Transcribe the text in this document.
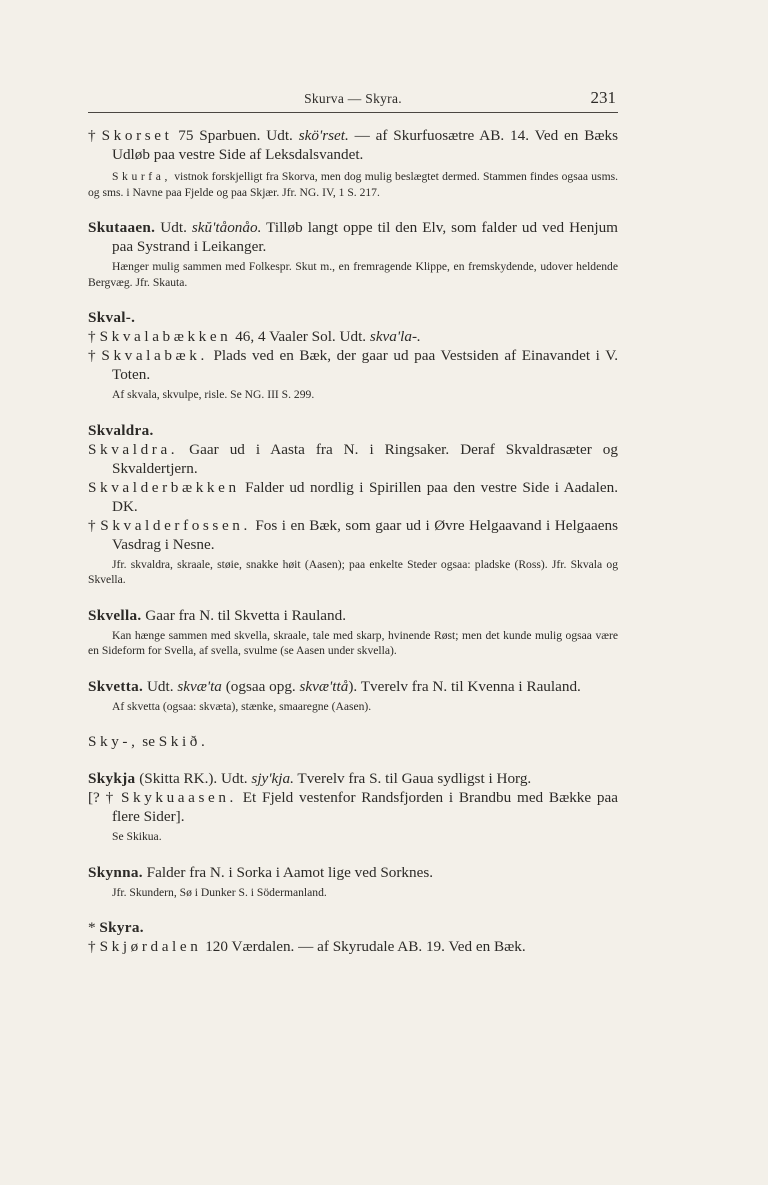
Skurva — Skyra.	231

† Skorset 75 Sparbuen. Udt. skö'rset. — af Skurfuosætre AB. 14. Ved en Bæks Udløb paa vestre Side af Leksdalsvandet.

Skurfa, vistnok forskjelligt fra Skorva, men dog mulig beslægtet dermed. Stammen findes ogsaa usms. og sms. i Navne paa Fjelde og paa Skjær. Jfr. NG. IV, 1 S. 217.

Skutaaen. Udt. skŭ'tåonåo. Tilløb langt oppe til den Elv, som falder ud ved Henjum paa Systrand i Leikanger.

Hænger mulig sammen med Folkespr. Skut m., en fremragende Klippe, en fremskydende, udover heldende Bergvæg. Jfr. Skauta.

Skval-.

† Skvalabækken 46, 4 Vaaler Sol. Udt. skva'la-.

† Skvalabæk. Plads ved en Bæk, der gaar ud paa Vestsiden af Einavandet i V. Toten.

Af skvala, skvulpe, risle. Se NG. III S. 299.

Skvaldra.

Skvaldra. Gaar ud i Aasta fra N. i Ringsaker. Deraf Skvaldrasæter og Skvaldertjern.

Skvalderbækken Falder ud nordlig i Spirillen paa den vestre Side i Aadalen. DK.

† Skvalderfossen. Fos i en Bæk, som gaar ud i Øvre Helgaavand i Helgaaens Vasdrag i Nesne.

Jfr. skvaldra, skraale, støie, snakke høit (Aasen); paa enkelte Steder ogsaa: pladske (Ross). Jfr. Skvala og Skvella.

Skvella. Gaar fra N. til Skvetta i Rauland.

Kan hænge sammen med skvella, skraale, tale med skarp, hvinende Røst; men det kunde mulig ogsaa være en Sideform for Svella, af svella, svulme (se Aasen under skvella).

Skvetta. Udt. skvæ'ta (ogsaa opg. skvæ'ttå). Tverelv fra N. til Kvenna i Rauland.

Af skvetta (ogsaa: skvæta), stænke, smaaregne (Aasen).

Sky-, se Skið.

Skykja (Skitta RK.). Udt. sjy'kja. Tverelv fra S. til Gaua sydligst i Horg.

[? † Skykuaasen. Et Fjeld vestenfor Randsfjorden i Brandbu med Bække paa flere Sider].

Se Skikua.

Skynna. Falder fra N. i Sorka i Aamot lige ved Sorknes.

Jfr. Skundern, Sø i Dunker S. i Södermanland.

* Skyra.

† Skjørdalen 120 Værdalen. — af Skyrudale AB. 19. Ved en Bæk.
